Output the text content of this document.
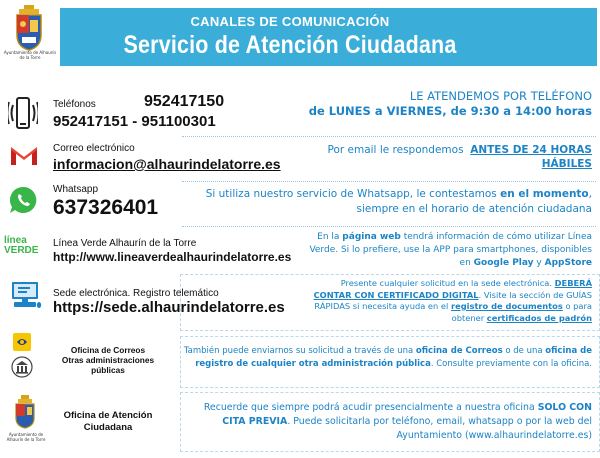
Ayuntamiento de Alhaurín de la Torre
CANALES DE COMUNICACIÓN
Servicio de Atención Ciudadana
Teléfonos	952417150
952417151 - 951100301
LE ATENDEMOS POR TELÉFONO
de LUNES a VIERNES, de 9:30 a 14:00 horas
Correo electrónico
informacion@alhaurindelatorre.es
Por email le respondemos ANTES DE 24 HORAS HÁBILES
Whatsapp
637326401
Si utiliza nuestro servicio de Whatsapp, le contestamos en el momento,
siempre en el horario de atención ciudadana
línea VERDE
Línea Verde Alhaurín de la Torre
http://www.lineaverdealhaurindelatorre.es
En la página web tendrá información de cómo utilizar Línea
Verde. Si lo prefiere, use la APP para smartphones, disponibles
en Google Play y AppStore
Sede electrónica. Registro telemático
https://sede.alhaurindelatorre.es
Presente cualquier solicitud en la sede electrónica. DEBERÁ
CONTAR CON CERTIFICADO DIGITAL. Visite la sección de GUÍAS
RÁPIDAS si necesita ayuda en el registro de documentos o para
obtener certificados de padrón
Oficina de Correos
Otras administraciones
públicas
También puede enviarnos su solicitud a través de una oficina de Correos o de una oficina de
registro de cualquier otra administración pública. Consulte previamente con la oficina.
Ayuntamiento de Alhaurín de la Torre
Oficina de Atención
Ciudadana
Recuerde que siempre podrá acudir presencialmente a nuestra oficina SOLO CON
CITA PREVIA. Puede solicitarla por teléfono, email, whatsapp o por la web del
Ayuntamiento (www.alhaurindelatorre.es)
